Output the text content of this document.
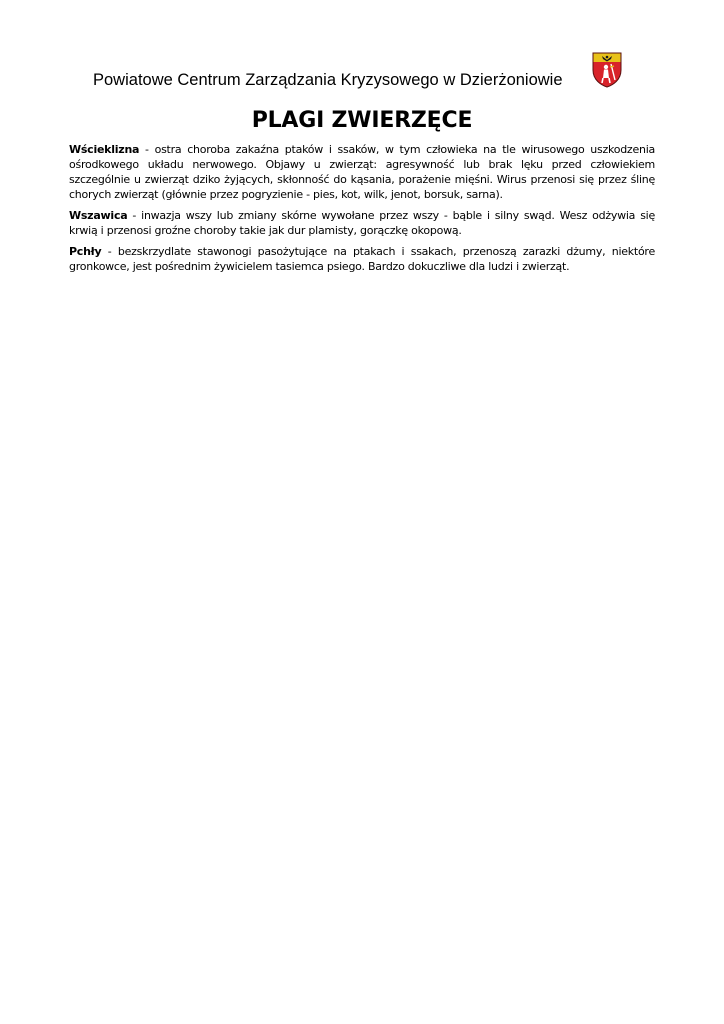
Powiatowe Centrum Zarządzania Kryzysowego w Dzierżoniowie
PLAGI ZWIERZĘCE

Wścieklizna - ostra choroba zakaźna ptaków i ssaków, w tym człowieka na tle wirusowego uszkodzenia ośrodkowego układu nerwowego. Objawy u zwierząt: agresywność lub brak lęku przed człowiekiem szczególnie u zwierząt dziko żyjących, skłonność do kąsania, porażenie mięśni. Wirus przenosi się przez ślinę chorych zwierząt (głównie przez pogryzienie - pies, kot, wilk, jenot, borsuk, sarna).

Wszawica - inwazja wszy lub zmiany skórne wywołane przez wszy - bąble i silny swąd. Wesz odżywia się krwią i przenosi groźne choroby takie jak dur plamisty, gorączkę okopową.

Pchły - bezskrzydlate stawonogi pasożytujące na ptakach i ssakach, przenoszą zarazki dżumy, niektóre gronkowce, jest pośrednim żywicielem tasiemca psiego. Bardzo dokuczliwe dla ludzi i zwierząt.
